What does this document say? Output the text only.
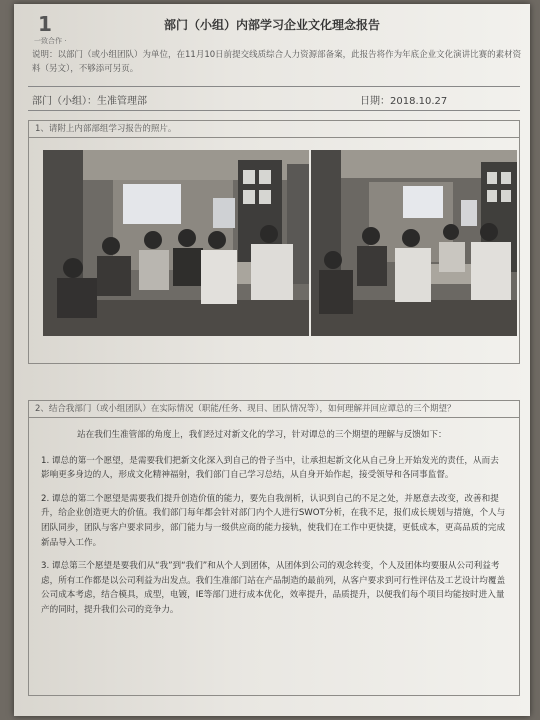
1
一致合作 ·
部门（小组）内部学习企业文化理念报告
说明：以部门（或小组团队）为单位，在11月10日前提交线质综合人力资源部备案，此报告将作为年底企业文化演讲比赛的素材资料（另文），不够添可另页。
部门（小组）：生准管理部	日期：2018.10.27
1、请附上内部部组学习报告的照片。
2、结合我部门（或小组团队）在实际情况（职能/任务、现目、团队情况等），如何理解并回应谭总的三个期望？

站在我们生准管部的角度上，我们经过对新文化的学习，针对谭总的三个期望的理解与反馈如下：

1. 谭总的第一个愿望，是需要我们把新文化深入到自己的骨子当中，让承担起新文化从自己身上开始发光的责任，从而去影响更多身边的人，形成文化精神福射，我们部门自己学习总结，从自身开始作起，接受领导和各同事监督。

2. 谭总的第二个愿望是需要我们提升创造价值的能力，要先自我剖析，认识到自己的不足之处，并愿意去改变，改善和提升，给企业创造更大的价值。我们部门每年都会针对部门内个人进行SWOT分析，在我不足，报们成长规划与措施，个人与团队同步，团队与客户要求同步，部门能力与一级供应商的能力接轨，使我们在工作中更快捷，更低成本，更高品质的完成新品导入工作。

3. 谭总第三个愿望是要我们从“我”到“我们”和从个人到团体，从团体到公司的观念转变，个人及团体均要服从公司利益考虑，所有工作都是以公司利益为出发点。我们生准部门站在产品制造的最前列，从客户要求到可行性评估及工艺设计均覆盖公司成本考虑，结合模具，成型，电镀，IE等部门进行成本优化，效率提升，品质提升，以便我们每个项目均能按时进入量产的同时，提升我们公司的竞争力。
